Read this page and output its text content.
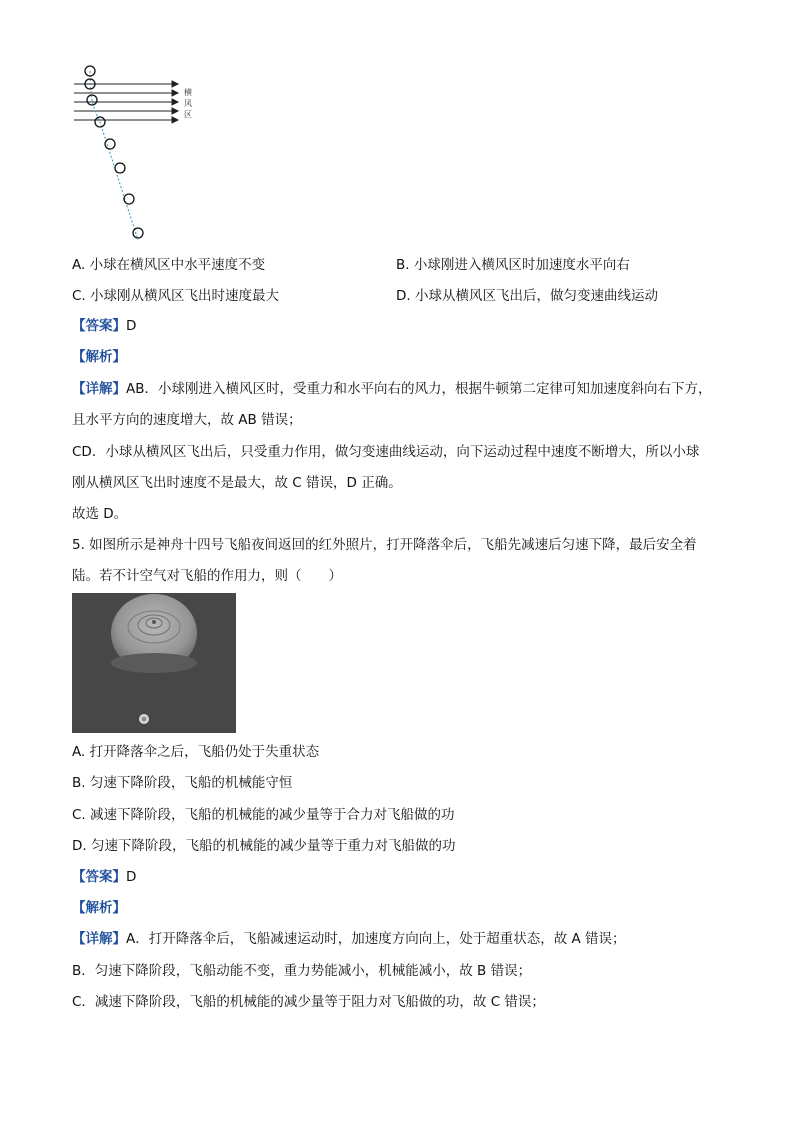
横
风
区
A. 小球在横风区中水平速度不变	B. 小球刚进入横风区时加速度水平向右
C. 小球刚从横风区飞出时速度最大	D. 小球从横风区飞出后，做匀变速曲线运动
【答案】D
【解析】
【详解】AB．小球刚进入横风区时，受重力和水平向右的风力，根据牛顿第二定律可知加速度斜向右下方，
且水平方向的速度增大，故 AB 错误；
CD．小球从横风区飞出后，只受重力作用，做匀变速曲线运动，向下运动过程中速度不断增大，所以小球
刚从横风区飞出时速度不是最大，故 C 错误，D 正确。
故选 D。
5. 如图所示是神舟十四号飞船夜间返回的红外照片，打开降落伞后，飞船先减速后匀速下降，最后安全着
陆。若不计空气对飞船的作用力，则（　　）
A. 打开降落伞之后，飞船仍处于失重状态
B. 匀速下降阶段，飞船的机械能守恒
C. 减速下降阶段，飞船的机械能的减少量等于合力对飞船做的功
D. 匀速下降阶段，飞船的机械能的减少量等于重力对飞船做的功
【答案】D
【解析】
【详解】A．打开降落伞后，飞船减速运动时，加速度方向向上，处于超重状态，故 A 错误；
B．匀速下降阶段，飞船动能不变，重力势能减小，机械能减小，故 B 错误；
C．减速下降阶段，飞船的机械能的减少量等于阻力对飞船做的功，故 C 错误；
